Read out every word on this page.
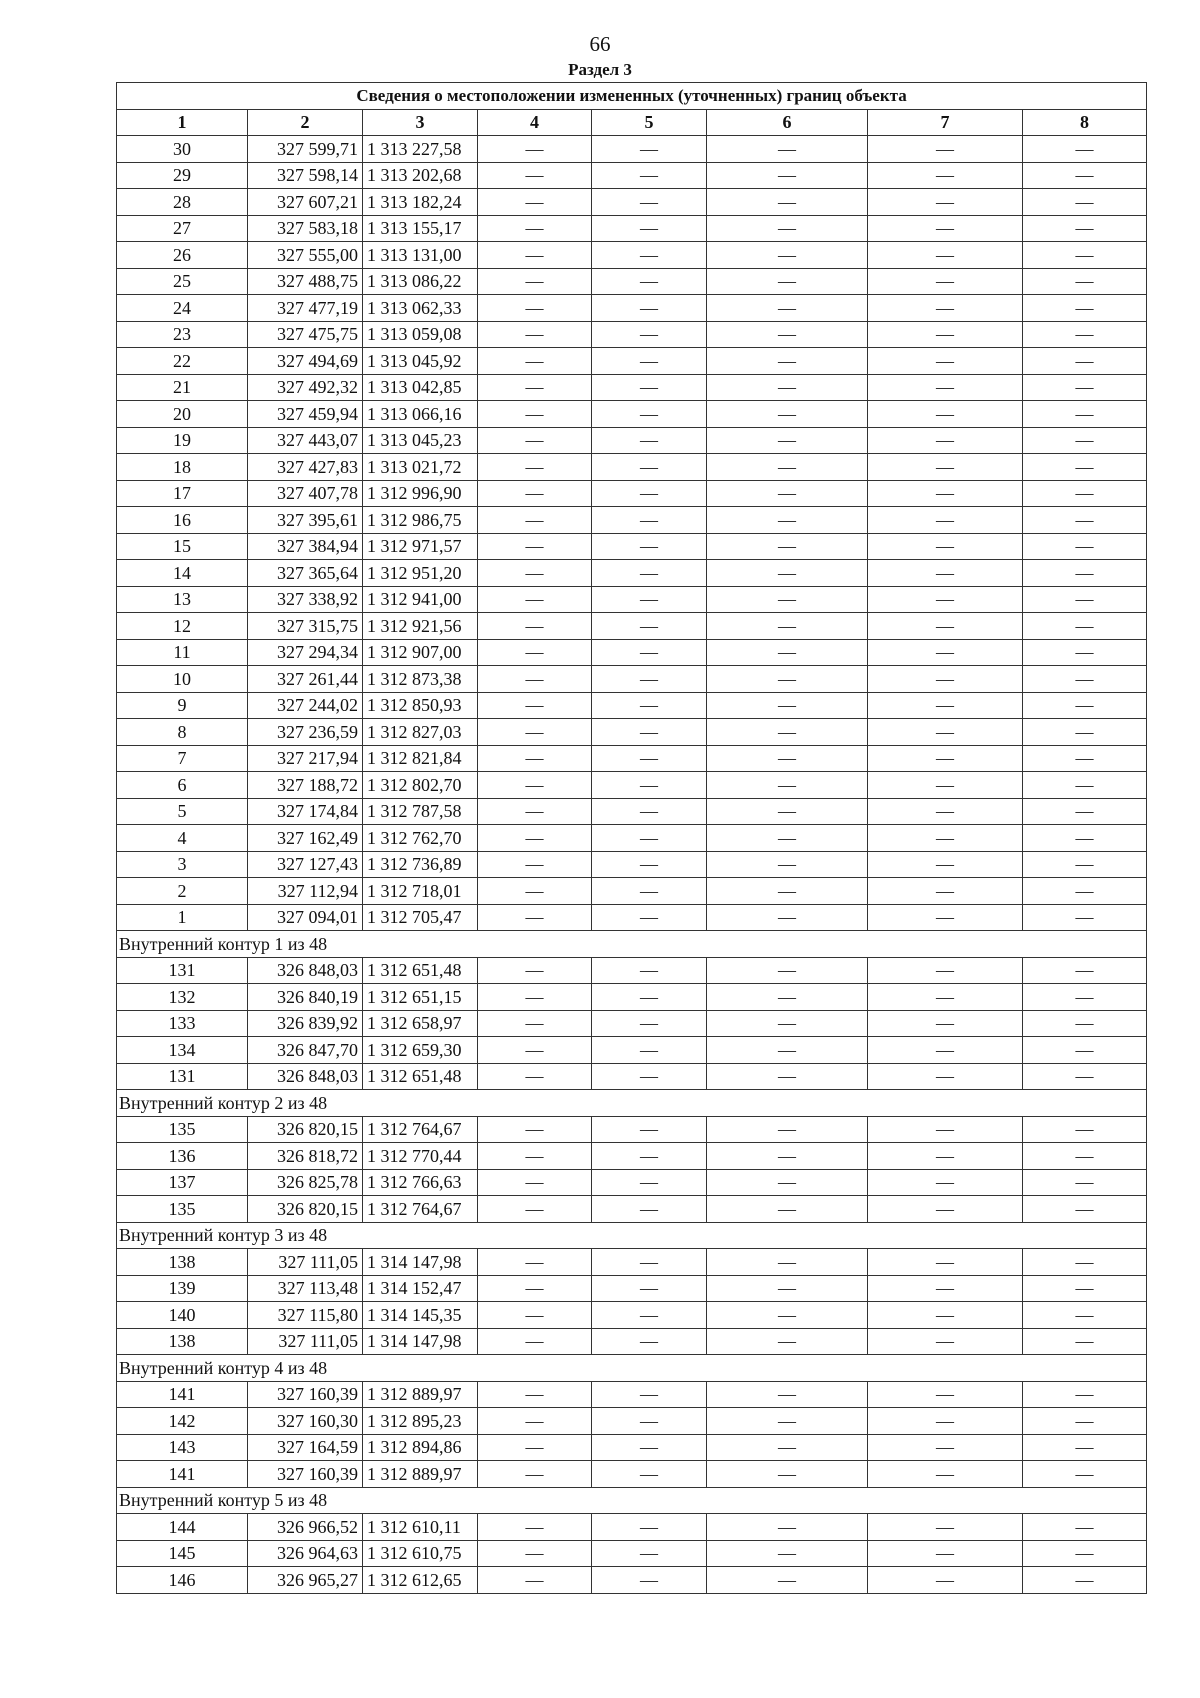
66
Раздел 3
Сведения о местоположении измененных (уточненных) границ объекта							
1	2	3	4	5	6	7	8
30	327 599,71	1 313 227,58	—	—	—	—	—
29	327 598,14	1 313 202,68	—	—	—	—	—
28	327 607,21	1 313 182,24	—	—	—	—	—
27	327 583,18	1 313 155,17	—	—	—	—	—
26	327 555,00	1 313 131,00	—	—	—	—	—
25	327 488,75	1 313 086,22	—	—	—	—	—
24	327 477,19	1 313 062,33	—	—	—	—	—
23	327 475,75	1 313 059,08	—	—	—	—	—
22	327 494,69	1 313 045,92	—	—	—	—	—
21	327 492,32	1 313 042,85	—	—	—	—	—
20	327 459,94	1 313 066,16	—	—	—	—	—
19	327 443,07	1 313 045,23	—	—	—	—	—
18	327 427,83	1 313 021,72	—	—	—	—	—
17	327 407,78	1 312 996,90	—	—	—	—	—
16	327 395,61	1 312 986,75	—	—	—	—	—
15	327 384,94	1 312 971,57	—	—	—	—	—
14	327 365,64	1 312 951,20	—	—	—	—	—
13	327 338,92	1 312 941,00	—	—	—	—	—
12	327 315,75	1 312 921,56	—	—	—	—	—
11	327 294,34	1 312 907,00	—	—	—	—	—
10	327 261,44	1 312 873,38	—	—	—	—	—
9	327 244,02	1 312 850,93	—	—	—	—	—
8	327 236,59	1 312 827,03	—	—	—	—	—
7	327 217,94	1 312 821,84	—	—	—	—	—
6	327 188,72	1 312 802,70	—	—	—	—	—
5	327 174,84	1 312 787,58	—	—	—	—	—
4	327 162,49	1 312 762,70	—	—	—	—	—
3	327 127,43	1 312 736,89	—	—	—	—	—
2	327 112,94	1 312 718,01	—	—	—	—	—
1	327 094,01	1 312 705,47	—	—	—	—	—
Внутренний контур 1 из 48							
131	326 848,03	1 312 651,48	—	—	—	—	—
132	326 840,19	1 312 651,15	—	—	—	—	—
133	326 839,92	1 312 658,97	—	—	—	—	—
134	326 847,70	1 312 659,30	—	—	—	—	—
131	326 848,03	1 312 651,48	—	—	—	—	—
Внутренний контур 2 из 48							
135	326 820,15	1 312 764,67	—	—	—	—	—
136	326 818,72	1 312 770,44	—	—	—	—	—
137	326 825,78	1 312 766,63	—	—	—	—	—
135	326 820,15	1 312 764,67	—	—	—	—	—
Внутренний контур 3 из 48							
138	327 111,05	1 314 147,98	—	—	—	—	—
139	327 113,48	1 314 152,47	—	—	—	—	—
140	327 115,80	1 314 145,35	—	—	—	—	—
138	327 111,05	1 314 147,98	—	—	—	—	—
Внутренний контур 4 из 48							
141	327 160,39	1 312 889,97	—	—	—	—	—
142	327 160,30	1 312 895,23	—	—	—	—	—
143	327 164,59	1 312 894,86	—	—	—	—	—
141	327 160,39	1 312 889,97	—	—	—	—	—
Внутренний контур 5 из 48							
144	326 966,52	1 312 610,11	—	—	—	—	—
145	326 964,63	1 312 610,75	—	—	—	—	—
146	326 965,27	1 312 612,65	—	—	—	—	—
